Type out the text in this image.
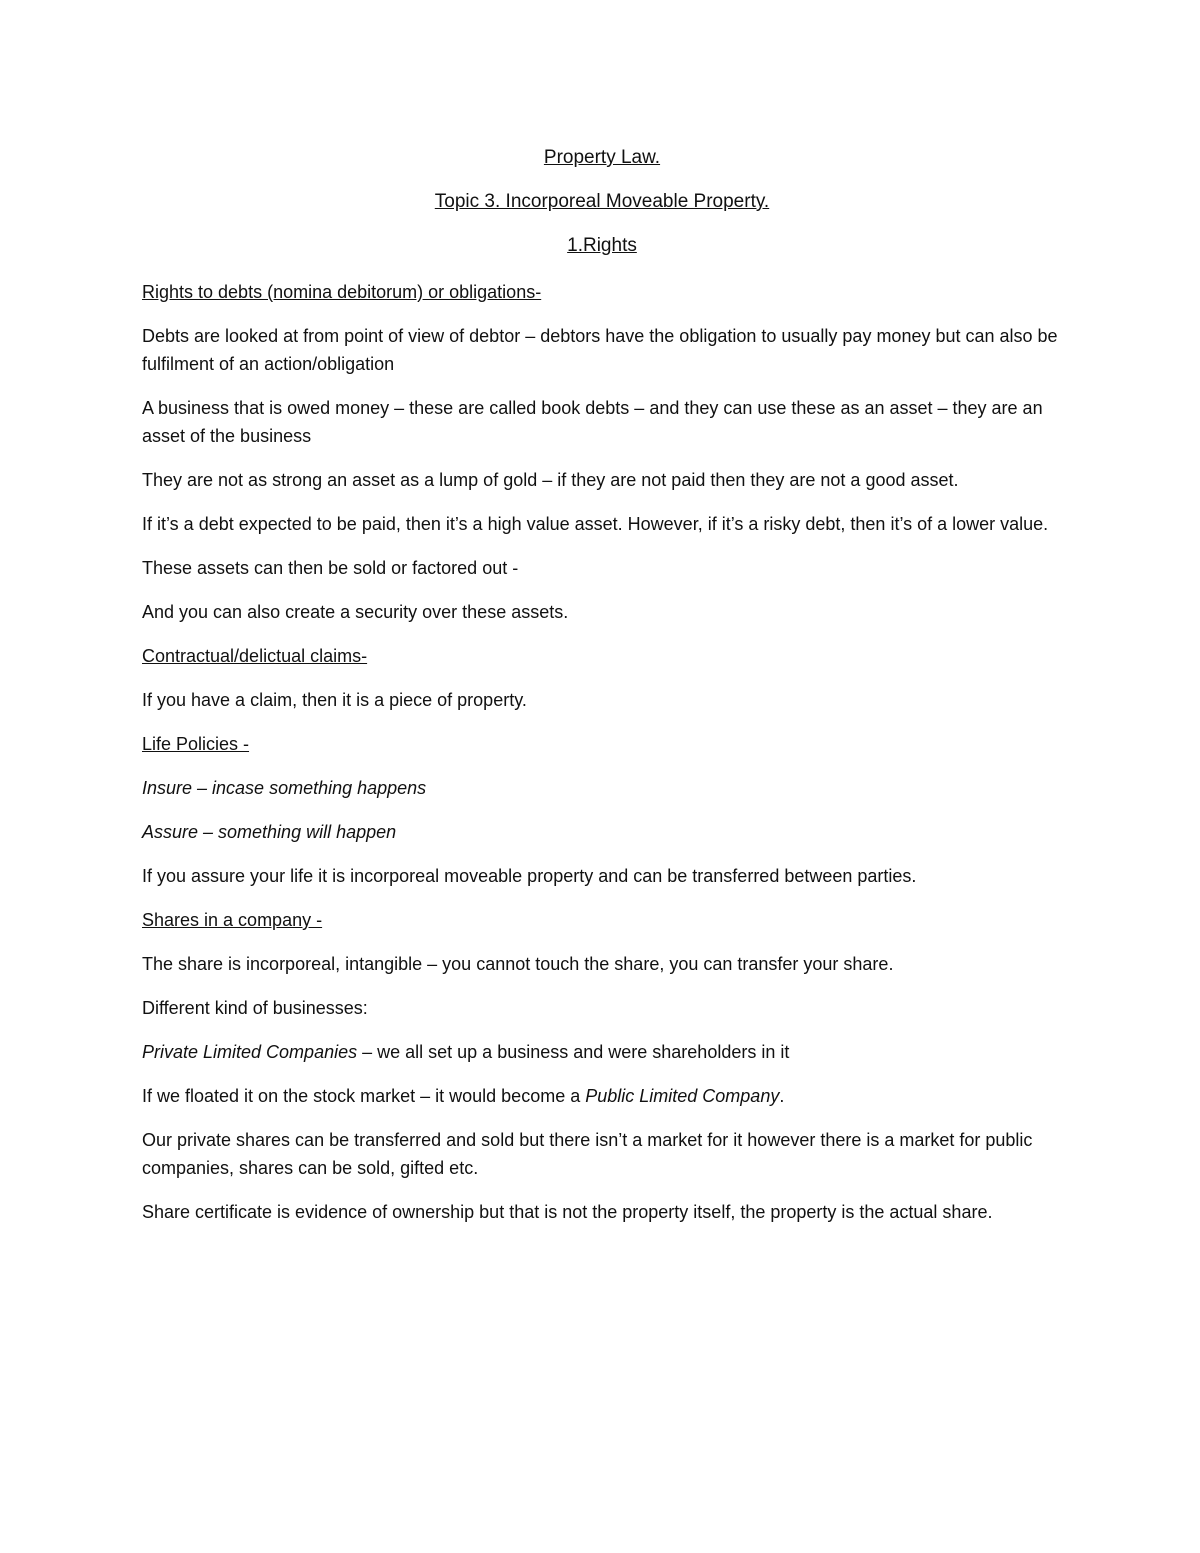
Property Law.

Topic 3. Incorporeal Moveable Property.

1.Rights

Rights to debts (nomina debitorum) or obligations-

Debts are looked at from point of view of debtor – debtors have the obligation to usually pay money but can also be fulfilment of an action/obligation

A business that is owed money – these are called book debts – and they can use these as an asset – they are an asset of the business

They are not as strong an asset as a lump of gold – if they are not paid then they are not a good asset.

If it’s a debt expected to be paid, then it’s a high value asset. However, if it’s a risky debt, then it’s of a lower value.

These assets can then be sold or factored out -

And you can also create a security over these assets.

Contractual/delictual claims-

If you have a claim, then it is a piece of property.

Life Policies -

Insure – incase something happens

Assure – something will happen

If you assure your life it is incorporeal moveable property and can be transferred between parties.

Shares in a company -

The share is incorporeal, intangible – you cannot touch the share, you can transfer your share.

Different kind of businesses:

Private Limited Companies – we all set up a business and were shareholders in it

If we floated it on the stock market – it would become a Public Limited Company.

Our private shares can be transferred and sold but there isn’t a market for it however there is a market for public companies, shares can be sold, gifted etc.

Share certificate is evidence of ownership but that is not the property itself, the property is the actual share.
